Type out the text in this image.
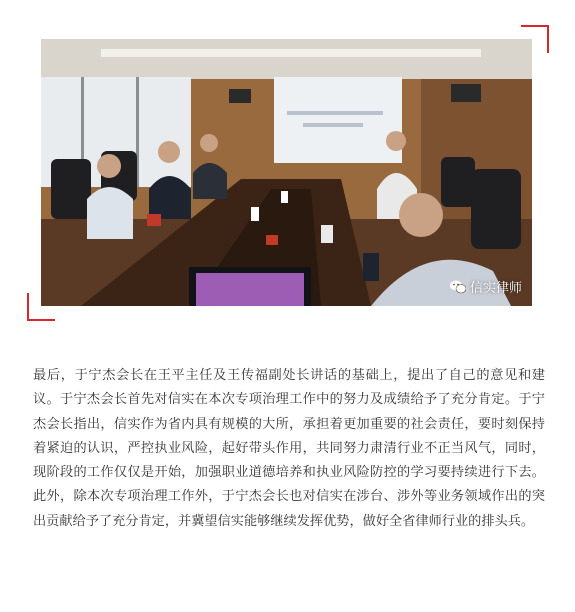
信实律师

最后，于宁杰会长在王平主任及王传福副处长讲话的基础上，提出了自己的意见和建议。于宁杰会长首先对信实在本次专项治理工作中的努力及成绩给予了充分肯定。于宁杰会长指出，信实作为省内具有规模的大所，承担着更加重要的社会责任，要时刻保持着紧迫的认识，严控执业风险，起好带头作用，共同努力肃清行业不正当风气，同时，现阶段的工作仅仅是开始，加强职业道德培养和执业风险防控的学习要持续进行下去。此外，除本次专项治理工作外，于宁杰会长也对信实在涉台、涉外等业务领域作出的突出贡献给予了充分肯定，并冀望信实能够继续发挥优势，做好全省律师行业的排头兵。
